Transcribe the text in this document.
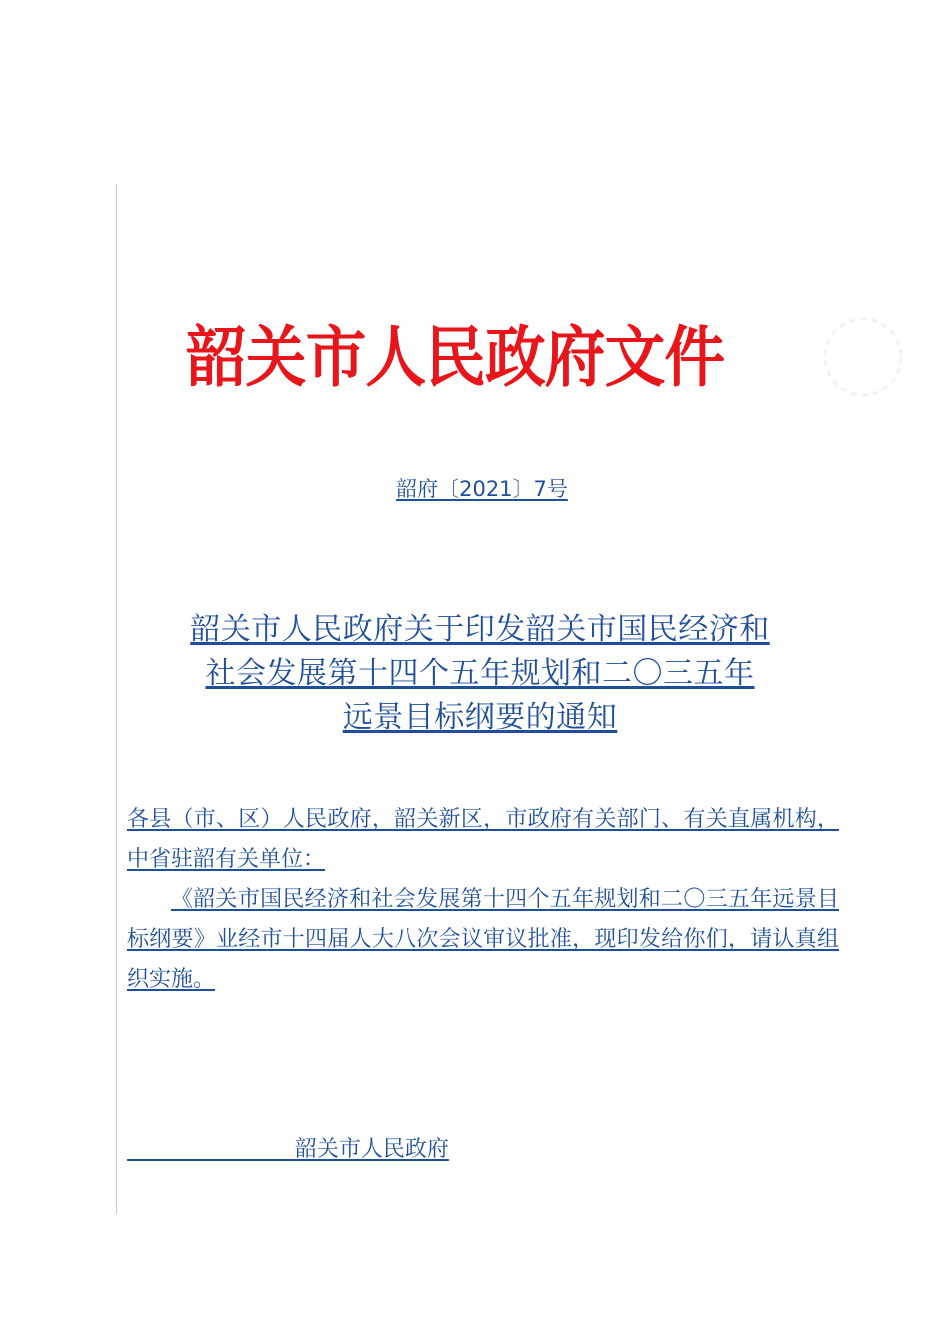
韶关市人民政府文件
韶府〔2021〕7号
韶关市人民政府关于印发韶关市国民经济和
社会发展第十四个五年规划和二〇三五年
远景目标纲要的通知

各县（市、区）人民政府，韶关新区，市政府有关部门、有关直属机构，中省驻韶有关单位：

《韶关市国民经济和社会发展第十四个五年规划和二〇三五年远景目标纲要》业经市十四届人大八次会议审议批准，现印发给你们，请认真组织实施。

韶关市人民政府
